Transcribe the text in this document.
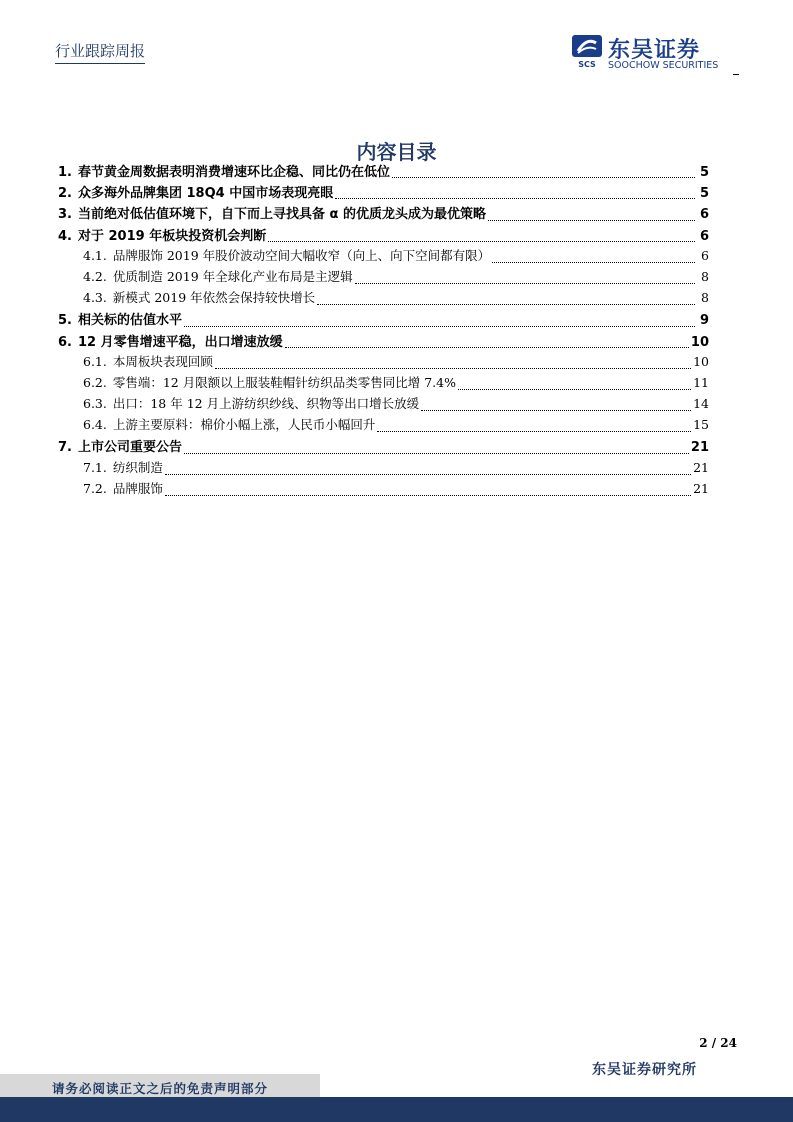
行业跟踪周报
SCS
东吴证券
SOOCHOW SECURITIES
内容目录
1. 春节黄金周数据表明消费增速环比企稳、同比仍在低位	5
2. 众多海外品牌集团 18Q4 中国市场表现亮眼	5
3. 当前绝对低估值环境下，自下而上寻找具备 α 的优质龙头成为最优策略	6
4. 对于 2019 年板块投资机会判断	6
4.1. 品牌服饰 2019 年股价波动空间大幅收窄（向上、向下空间都有限）	6
4.2. 优质制造 2019 年全球化产业布局是主逻辑	8
4.3. 新模式 2019 年依然会保持较快增长	8
5. 相关标的估值水平	9
6. 12 月零售增速平稳，出口增速放缓	10
6.1. 本周板块表现回顾	10
6.2. 零售端：12 月限额以上服装鞋帽针纺织品类零售同比增 7.4%	11
6.3. 出口：18 年 12 月上游纺织纱线、织物等出口增长放缓	14
6.4. 上游主要原料：棉价小幅上涨，人民币小幅回升	15
7. 上市公司重要公告	21
7.1. 纺织制造	21
7.2. 品牌服饰	21
2 / 24
东吴证券研究所
请务必阅读正文之后的免责声明部分
